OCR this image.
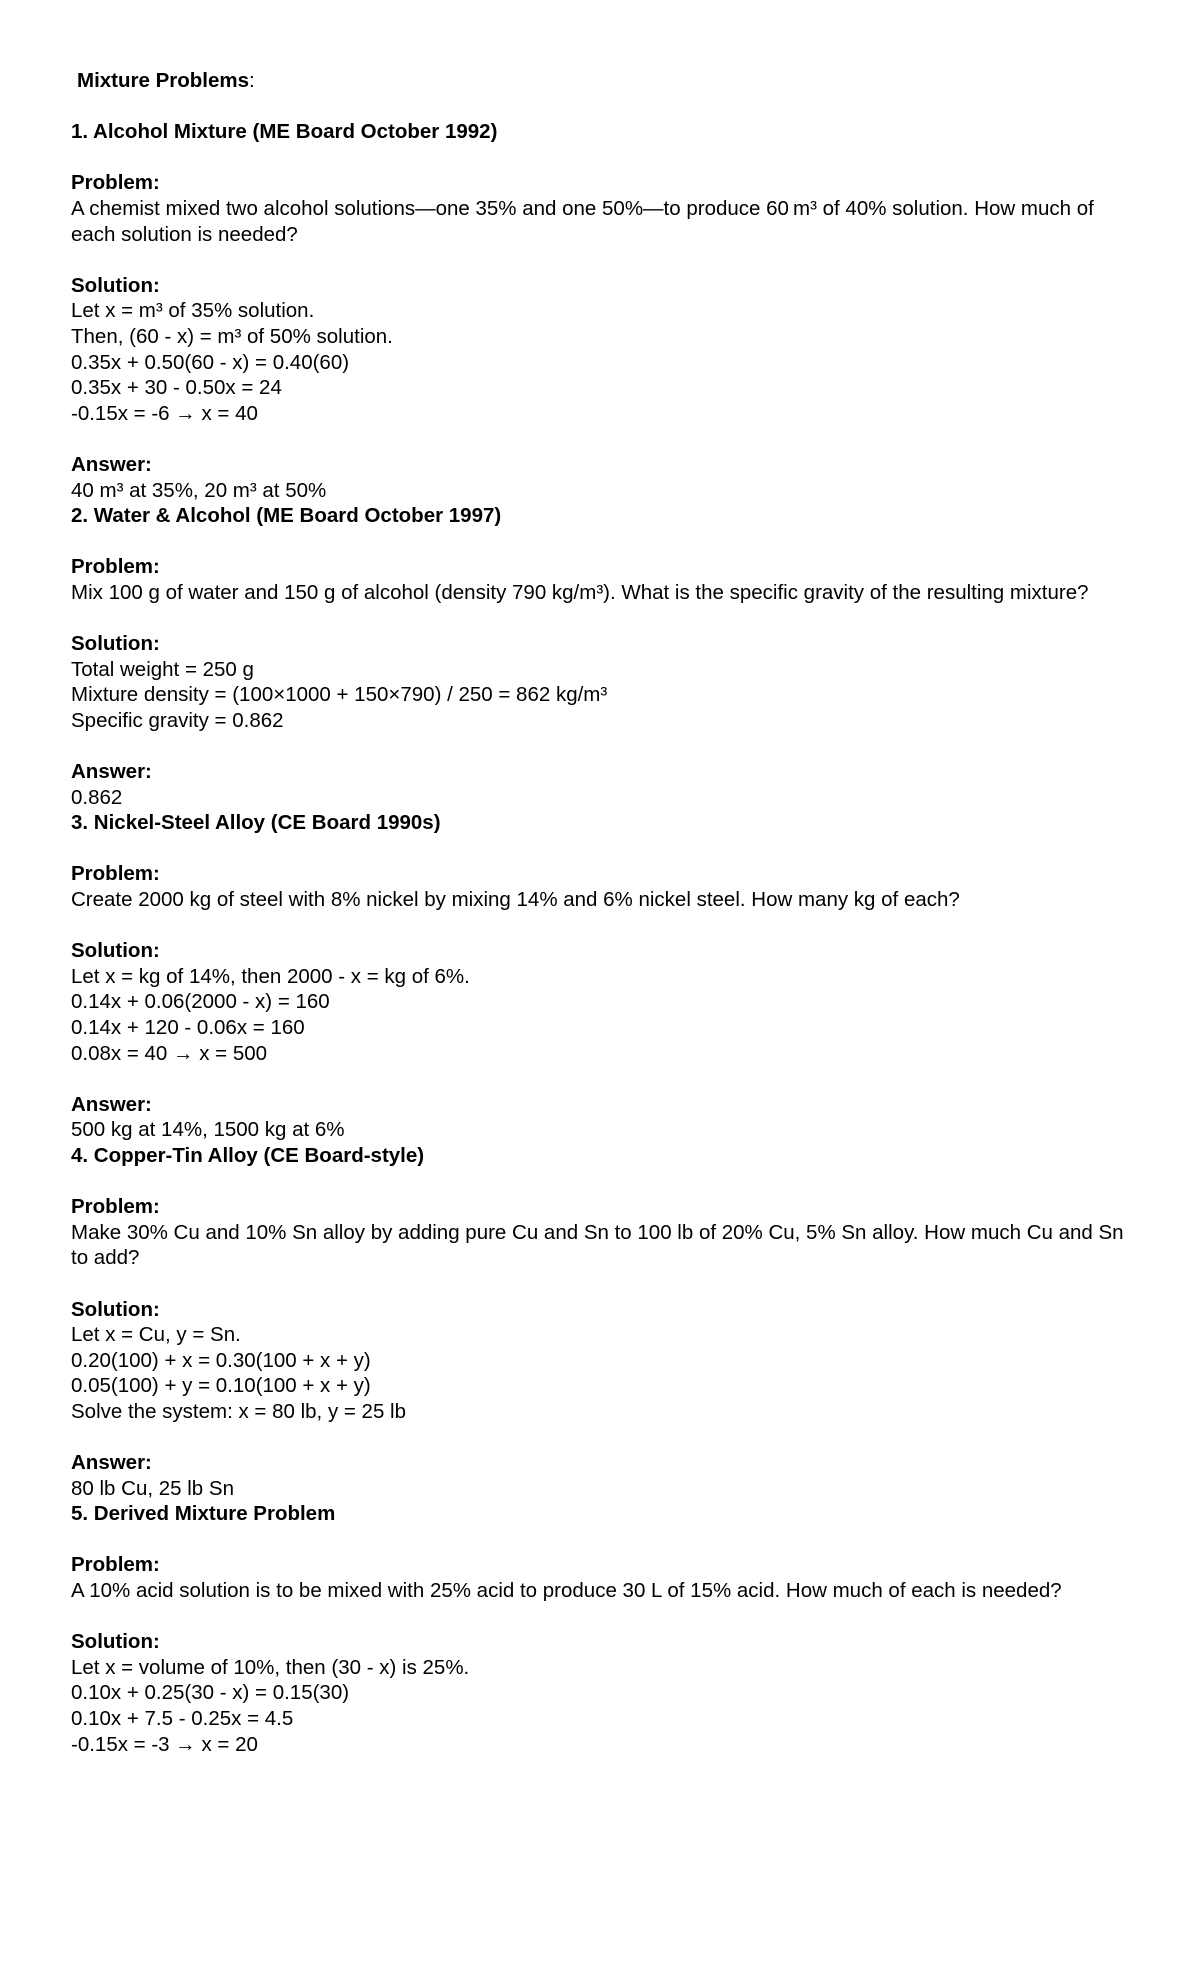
Mixture Problems:

1. Alcohol Mixture (ME Board October 1992)
Problem:
A chemist mixed two alcohol solutions—one 35% and one 50%—to produce 60 m³ of 40% solution. How much of each solution is needed?
Solution:
Let x = m³ of 35% solution.
Then, (60 - x) = m³ of 50% solution.
0.35x + 0.50(60 - x) = 0.40(60)
0.35x + 30 - 0.50x = 24
-0.15x = -6 → x = 40
Answer:
40 m³ at 35%, 20 m³ at 50%
2. Water & Alcohol (ME Board October 1997)
Problem:
Mix 100 g of water and 150 g of alcohol (density 790 kg/m³). What is the specific gravity of the resulting mixture?
Solution:
Total weight = 250 g
Mixture density = (100×1000 + 150×790) / 250 = 862 kg/m³
Specific gravity = 0.862
Answer:
0.862
3. Nickel-Steel Alloy (CE Board 1990s)
Problem:
Create 2000 kg of steel with 8% nickel by mixing 14% and 6% nickel steel. How many kg of each?
Solution:
Let x = kg of 14%, then 2000 - x = kg of 6%.
0.14x + 0.06(2000 - x) = 160
0.14x + 120 - 0.06x = 160
0.08x = 40 → x = 500
Answer:
500 kg at 14%, 1500 kg at 6%
4. Copper-Tin Alloy (CE Board-style)
Problem:
Make 30% Cu and 10% Sn alloy by adding pure Cu and Sn to 100 lb of 20% Cu, 5% Sn alloy. How much Cu and Sn to add?
Solution:
Let x = Cu, y = Sn.
0.20(100) + x = 0.30(100 + x + y)
0.05(100) + y = 0.10(100 + x + y)
Solve the system: x = 80 lb, y = 25 lb
Answer:
80 lb Cu, 25 lb Sn
5. Derived Mixture Problem
Problem:
A 10% acid solution is to be mixed with 25% acid to produce 30 L of 15% acid. How much of each is needed?
Solution:
Let x = volume of 10%, then (30 - x) is 25%.
0.10x + 0.25(30 - x) = 0.15(30)
0.10x + 7.5 - 0.25x = 4.5
-0.15x = -3 → x = 20
